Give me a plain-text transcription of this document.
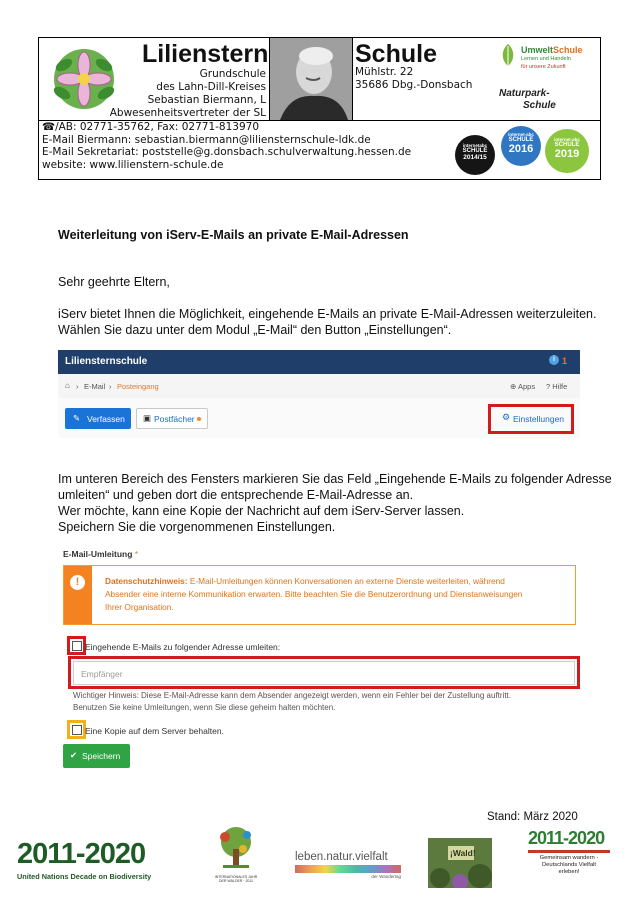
Lilienstern
Grundschule
des Lahn-Dill-Kreises
Sebastian Biermann, L
Abwesenheitsvertreter der SL
Schule
Mühlstr. 22
35686 Dbg.-Donsbach
UmweltSchule
Lernen und Handeln
für unsere Zukunft
Naturpark-
Schule
☎/AB: 02771-35762, Fax: 02771-813970
E-Mail Biermann: sebastian.biermann@liliensternschule-ldk.de
E-Mail Sekretariat: poststelle@g.donsbach.schulverwaltung.hessen.de
website: www.lilienstern-schule.de
internetabc
SCHULE
2014/15
internet-abc
SCHULE
2016
internet-abc
SCHULE
2019
Weiterleitung von iServ-E-Mails an private E-Mail-Adressen
Sehr geehrte Eltern,
iServ bietet Ihnen die Möglichkeit, eingehende E-Mails an private E-Mail-Adressen weiterzuleiten.
Wählen Sie dazu unter dem Modul „E-Mail“ den Button „Einstellungen“.
Liliensternschule	i 1
⌂ › E-Mail › Posteingang	⊕ Apps ? Hilfe
✎ Verfassen ▣ Postfächer	⚙ Einstellungen
Im unteren Bereich des Fensters markieren Sie das Feld „Eingehende E-Mails zu folgender Adresse
umleiten“ und geben dort die entsprechende E-Mail-Adresse an.
Wer möchte, kann eine Kopie der Nachricht auf dem iServ-Server lassen.
Speichern Sie die vorgenommenen Einstellungen.
E-Mail-Umleitung *
!	Datenschutzhinweis: E-Mail-Umleitungen können Konversationen an externe Dienste weiterleiten, während
Absender eine interne Kommunikation erwarten. Bitte beachten Sie die Benutzerordnung und Dienstanweisungen
Ihrer Organisation.
Eingehende E-Mails zu folgender Adresse umleiten:
Empfänger
Wichtiger Hinweis: Diese E-Mail-Adresse kann dem Absender angezeigt werden, wenn ein Fehler bei der Zustellung auftritt.
Benutzen Sie keine Umleitungen, wenn Sie diese geheim halten möchten.
Eine Kopie auf dem Server behalten.
✔ Speichern
Stand: März 2020
2011-2020
United Nations Decade on Biodiversity	INTERNATIONALES JAHR
DER WÄLDER · 2011
leben.natur.vielfalt
der Wandertag
¡Wald!
2011-2020
Gemeinsam wandern -
Deutschlands Vielfalt
erleben!
